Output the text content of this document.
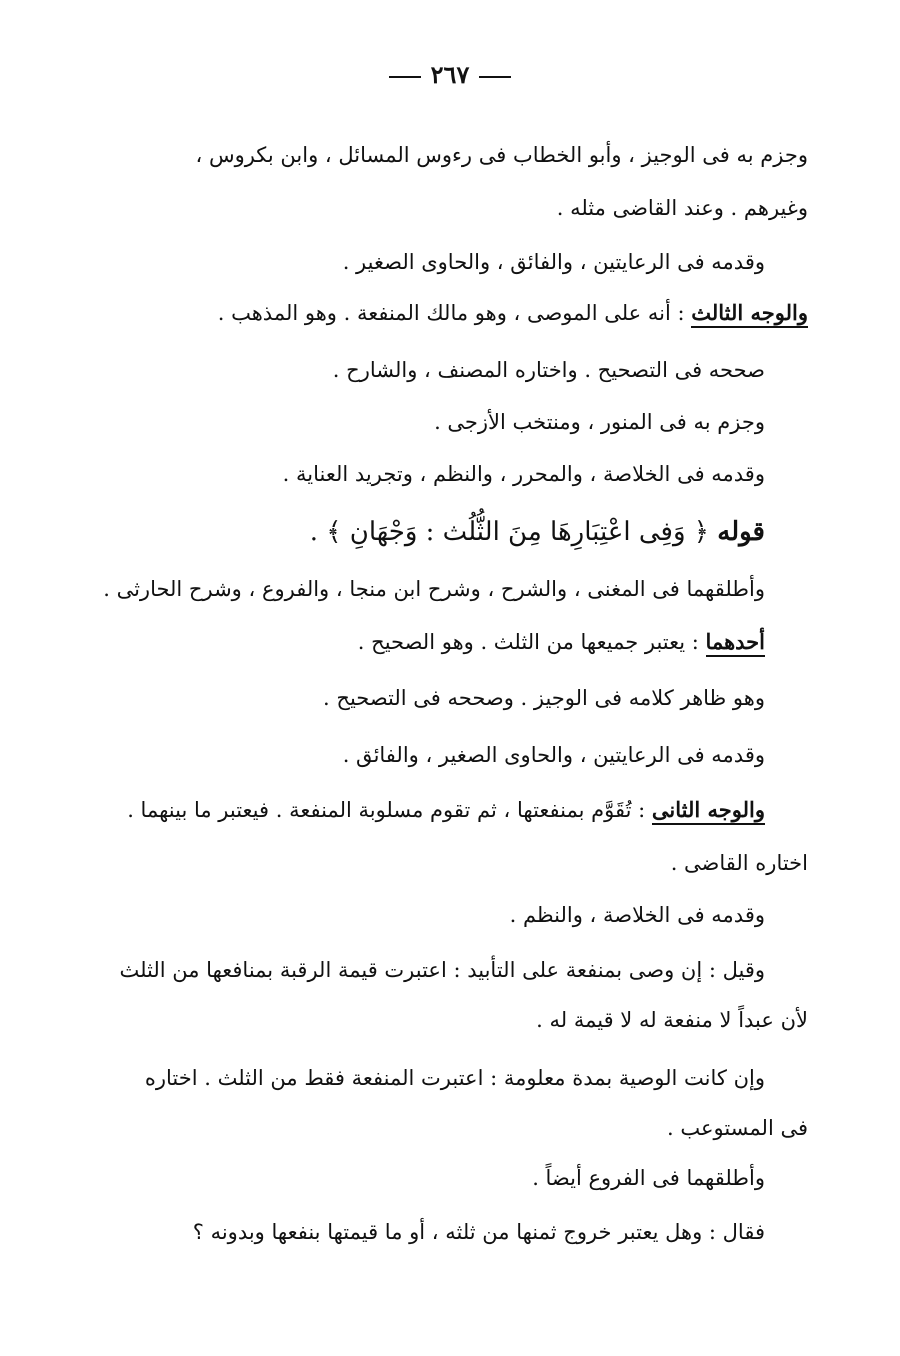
٢٦٧
وجزم به فى الوجيز ، وأبو الخطاب فى رءوس المسائل ، وابن بكروس ،
وغيرهم . وعند القاضى مثله .
وقدمه فى الرعايتين ، والفائق ، والحاوى الصغير .
والوجه الثالث : أنه على الموصى ، وهو مالك المنفعة . وهو المذهب .
صححه فى التصحيح . واختاره المصنف ، والشارح .
وجزم به فى المنور ، ومنتخب الأزجى .
وقدمه فى الخلاصة ، والمحرر ، والنظم ، وتجريد العناية .
قوله ﴿ وَفِى اعْتِبَارِهَا مِنَ الثُّلُث : وَجْهَانِ ﴾ .
وأطلقهما فى المغنى ، والشرح ، وشرح ابن منجا ، والفروع ، وشرح الحارثى .
أحدهما : يعتبر جميعها من الثلث . وهو الصحيح .
وهو ظاهر كلامه فى الوجيز . وصححه فى التصحيح .
وقدمه فى الرعايتين ، والحاوى الصغير ، والفائق .
والوجه الثانى : تُقَوَّم بمنفعتها ، ثم تقوم مسلوبة المنفعة . فيعتبر ما بينهما .
اختاره القاضى .
وقدمه فى الخلاصة ، والنظم .
وقيل : إن وصى بمنفعة على التأبيد : اعتبرت قيمة الرقبة بمنافعها من الثلث
لأن عبداً لا منفعة له لا قيمة له .
وإن كانت الوصية بمدة معلومة : اعتبرت المنفعة فقط من الثلث . اختاره
فى المستوعب .
وأطلقهما فى الفروع أيضاً .
فقال : وهل يعتبر خروج ثمنها من ثلثه ، أو ما قيمتها بنفعها وبدونه ؟
